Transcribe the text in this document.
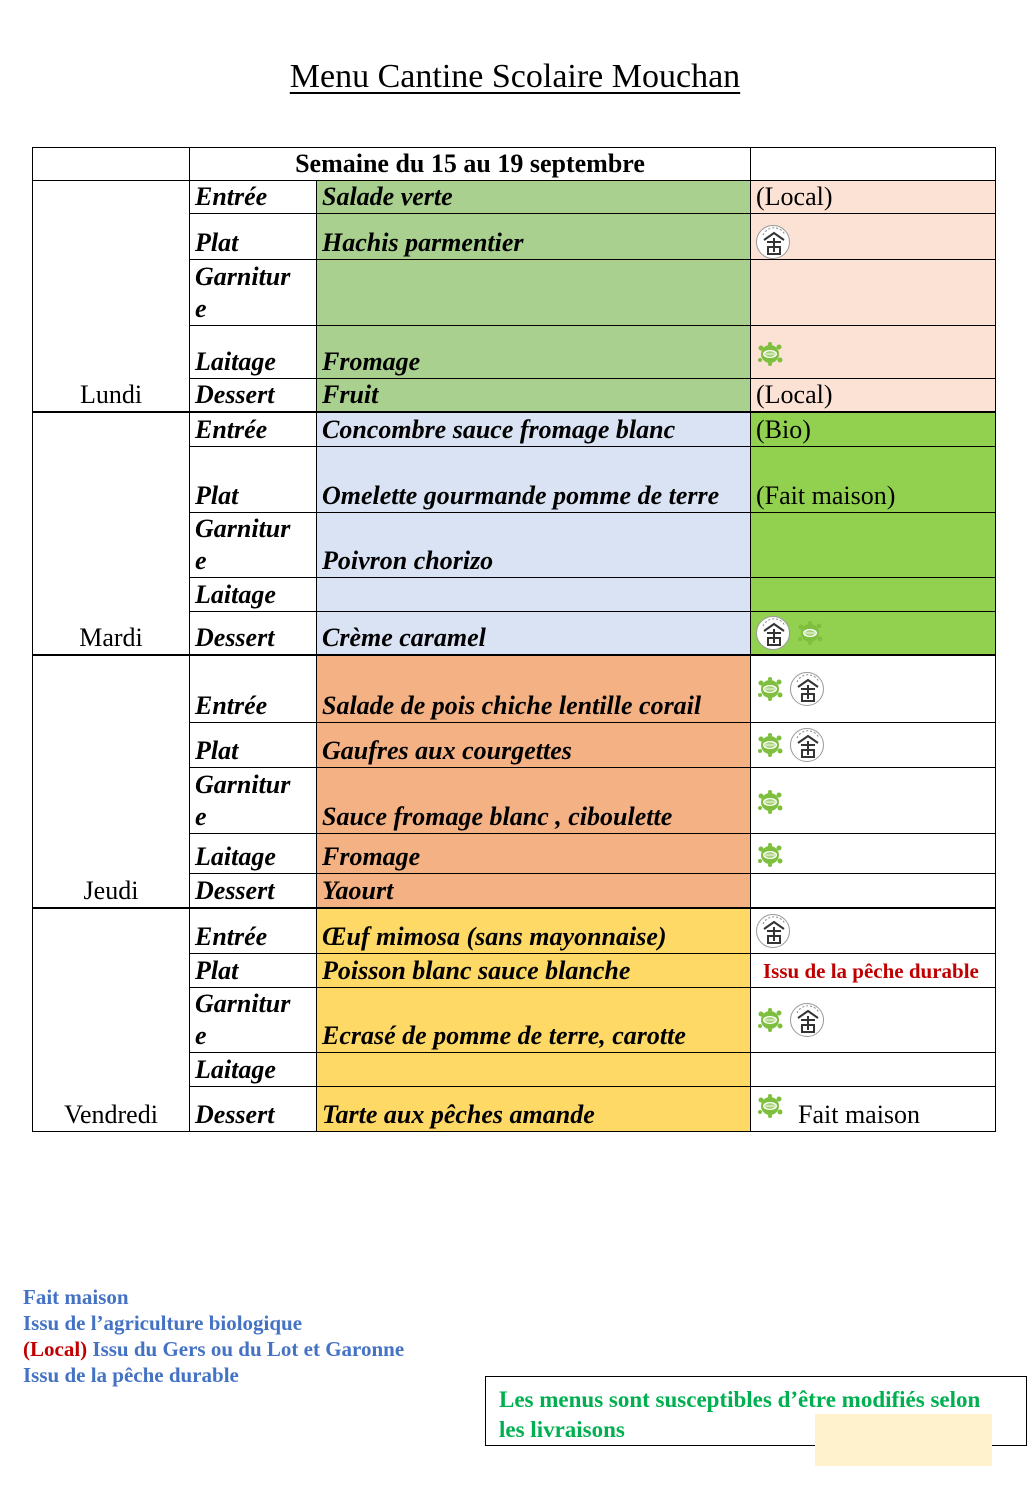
Menu Cantine Scolaire Mouchan
	Semaine du 15 au 19 septembre		
Lundi	Entrée	Salade verte	(Local)
	Plat	Hachis parmentier	

	Garnitur
e		
	Laitage	Fromage	

	Dessert	Fruit	(Local)
Mardi	Entrée	Concombre sauce fromage blanc	(Bio)
	Plat	Omelette gourmande pomme de terre	(Fait maison)
	Garnitur
e	Poivron chorizo	
	Laitage		
	Dessert	Crème caramel	

Jeudi	Entrée	Salade de pois chiche lentille corail	

	Plat	Gaufres aux courgettes	

	Garnitur
e	Sauce fromage blanc , ciboulette	

	Laitage	Fromage	

	Dessert	Yaourt	
Vendredi	Entrée	Œuf mimosa (sans mayonnaise)	

	Plat	Poisson blanc sauce blanche	Issu de la pêche durable
	Garnitur
e	Ecrasé de pomme de terre, carotte	

	Laitage		
	Dessert	Tarte aux pêches amande	Fait maison
Fait maison
Issu de l’agriculture biologique
(Local) Issu du Gers ou du Lot et Garonne
Issu de la pêche durable
Les menus sont susceptibles d’être modifiés selon les livraisons
